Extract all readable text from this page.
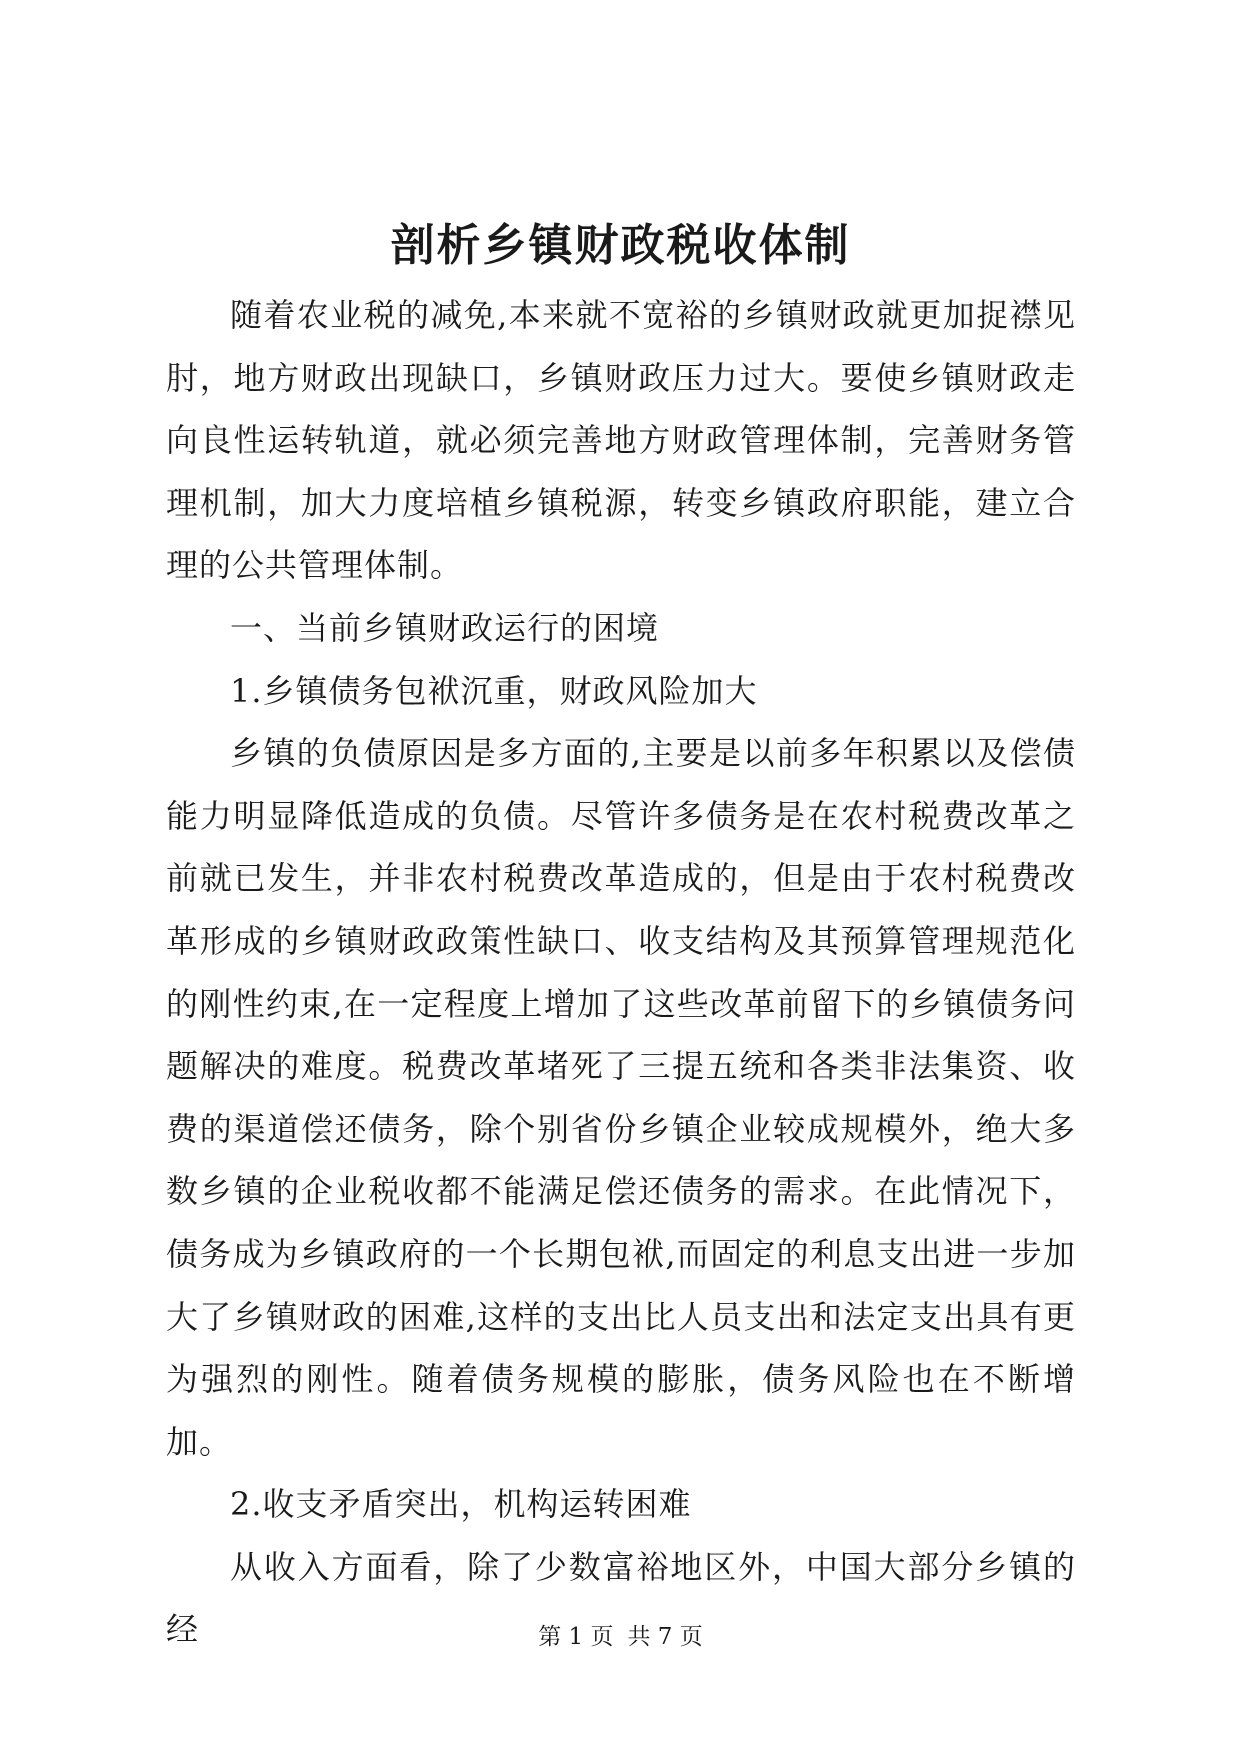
剖析乡镇财政税收体制

随着农业税的减免,本来就不宽裕的乡镇财政就更加捉襟见肘，地方财政出现缺口，乡镇财政压力过大。要使乡镇财政走向良性运转轨道，就必须完善地方财政管理体制，完善财务管理机制，加大力度培植乡镇税源，转变乡镇政府职能，建立合理的公共管理体制。

一、当前乡镇财政运行的困境

1.乡镇债务包袱沉重，财政风险加大

乡镇的负债原因是多方面的,主要是以前多年积累以及偿债能力明显降低造成的负债。尽管许多债务是在农村税费改革之前就已发生，并非农村税费改革造成的，但是由于农村税费改革形成的乡镇财政政策性缺口、收支结构及其预算管理规范化的刚性约束,在一定程度上增加了这些改革前留下的乡镇债务问题解决的难度。税费改革堵死了三提五统和各类非法集资、收费的渠道偿还债务，除个别省份乡镇企业较成规模外，绝大多数乡镇的企业税收都不能满足偿还债务的需求。在此情况下，债务成为乡镇政府的一个长期包袱,而固定的利息支出进一步加大了乡镇财政的困难,这样的支出比人员支出和法定支出具有更为强烈的刚性。随着债务规模的膨胀，债务风险也在不断增加。

2.收支矛盾突出，机构运转困难

从收入方面看，除了少数富裕地区外，中国大部分乡镇的经	第 1 页 共 7 页
